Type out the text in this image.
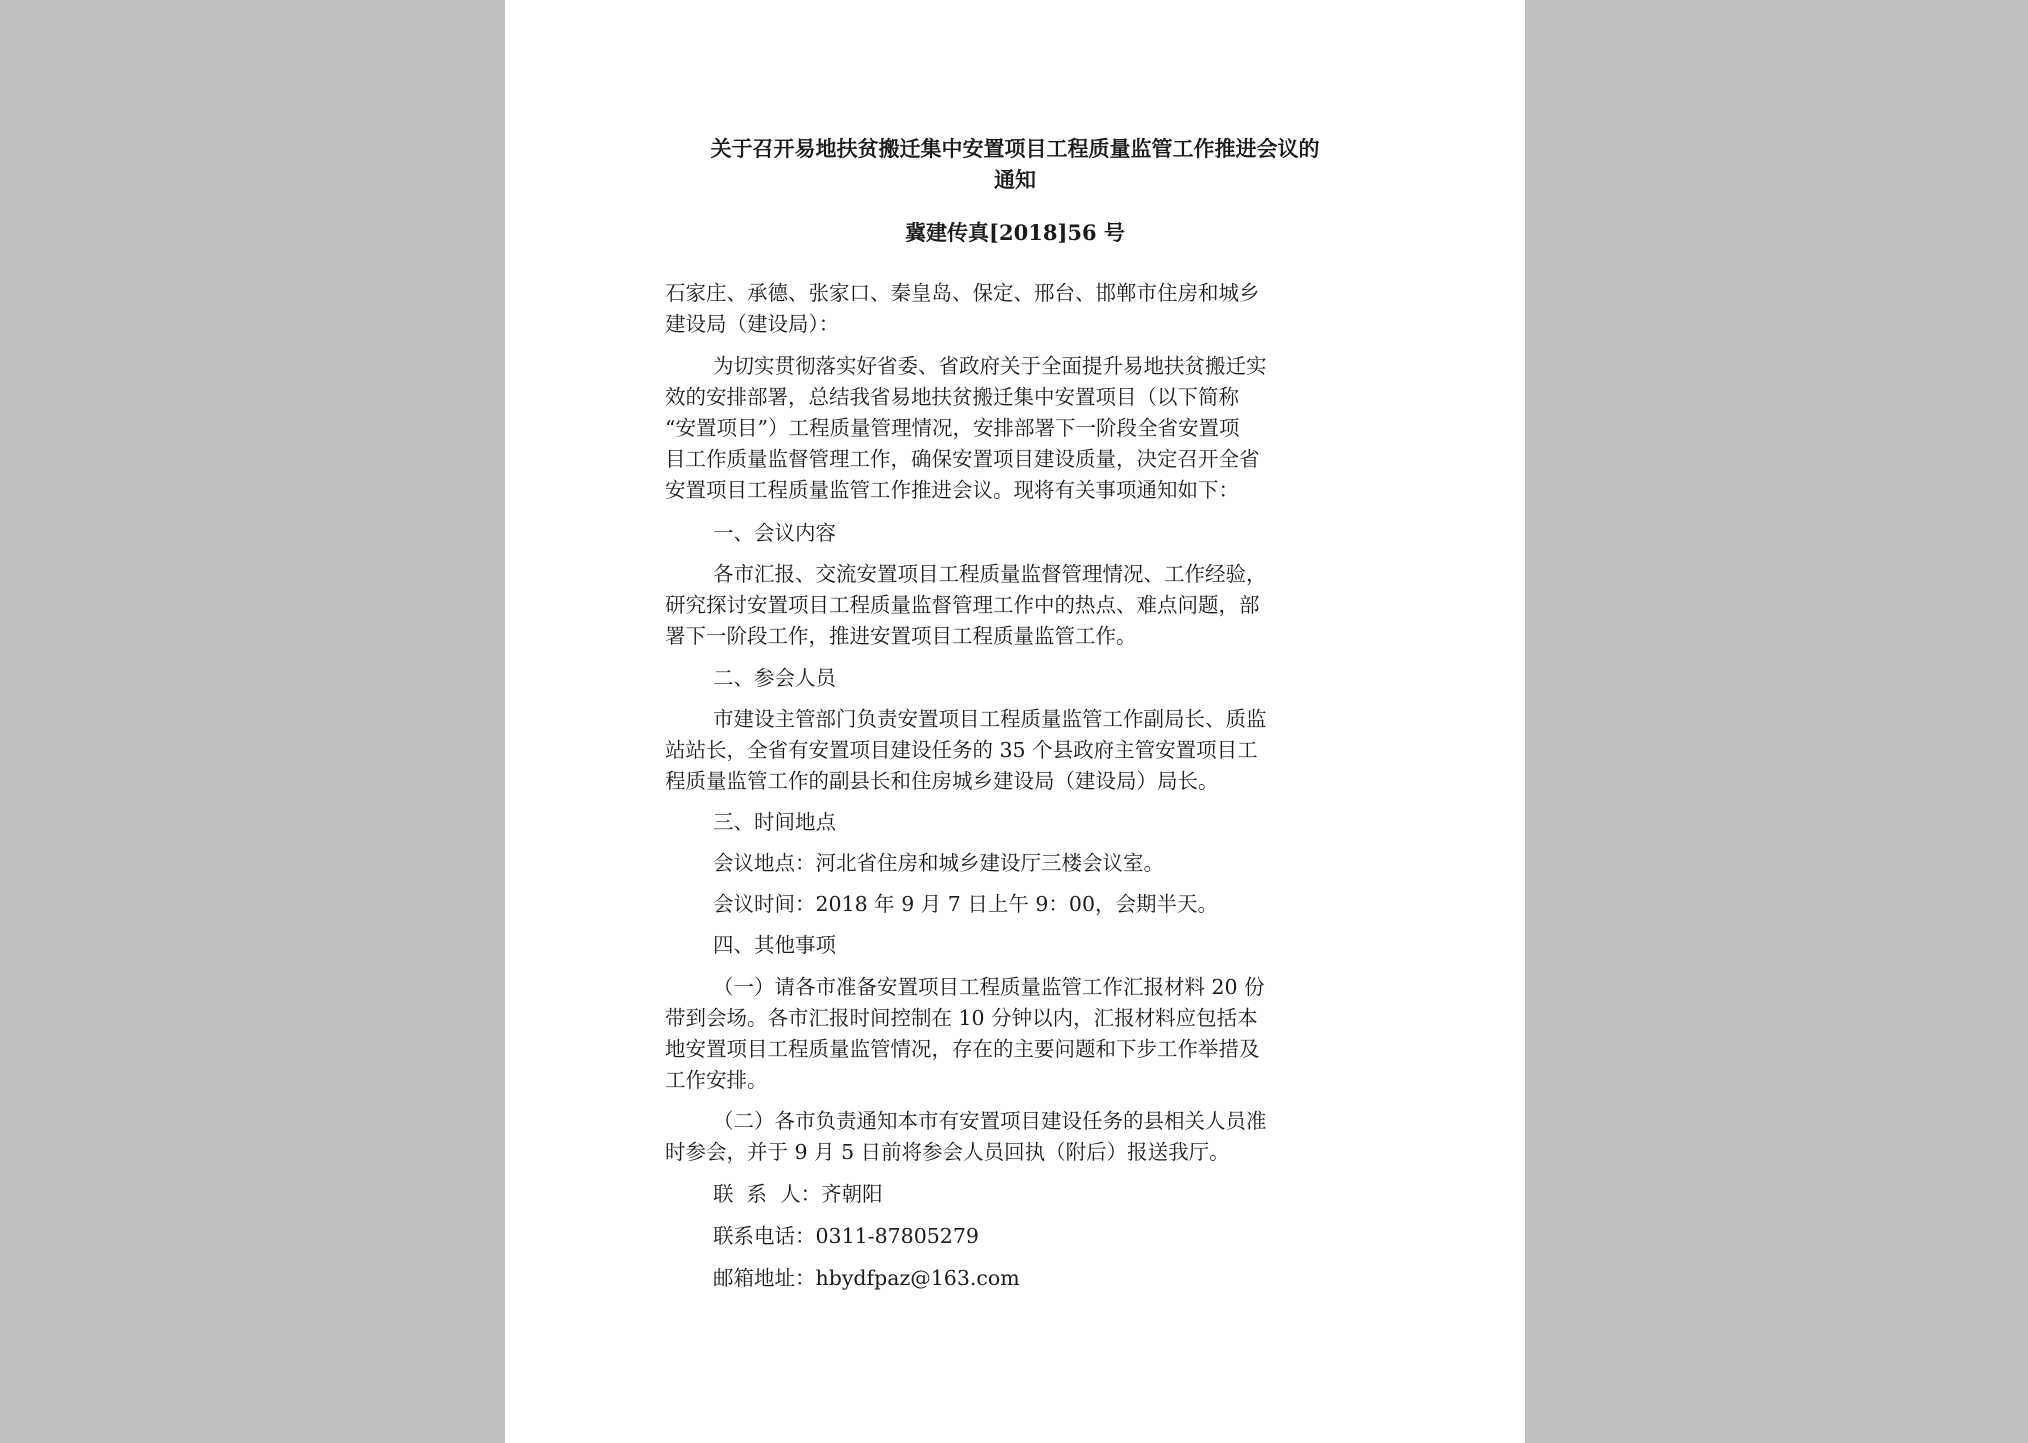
关于召开易地扶贫搬迁集中安置项目工程质量监管工作推进会议的
通知
冀建传真[2018]56 号
石家庄、承德、张家口、秦皇岛、保定、邢台、邯郸市住房和城乡
建设局（建设局）：
为切实贯彻落实好省委、省政府关于全面提升易地扶贫搬迁实
效的安排部署，总结我省易地扶贫搬迁集中安置项目（以下简称
“安置项目”）工程质量管理情况，安排部署下一阶段全省安置项
目工作质量监督管理工作，确保安置项目建设质量，决定召开全省
安置项目工程质量监管工作推进会议。现将有关事项通知如下：
一、会议内容
各市汇报、交流安置项目工程质量监督管理情况、工作经验，
研究探讨安置项目工程质量监督管理工作中的热点、难点问题，部
署下一阶段工作，推进安置项目工程质量监管工作。
二、参会人员
市建设主管部门负责安置项目工程质量监管工作副局长、质监
站站长，全省有安置项目建设任务的 35 个县政府主管安置项目工
程质量监管工作的副县长和住房城乡建设局（建设局）局长。
三、时间地点
会议地点：河北省住房和城乡建设厅三楼会议室。
会议时间：2018 年 9 月 7 日上午 9：00，会期半天。
四、其他事项
（一）请各市准备安置项目工程质量监管工作汇报材料 20 份
带到会场。各市汇报时间控制在 10 分钟以内，汇报材料应包括本
地安置项目工程质量监管情况，存在的主要问题和下步工作举措及
工作安排。
（二）各市负责通知本市有安置项目建设任务的县相关人员准
时参会，并于 9 月 5 日前将参会人员回执（附后）报送我厅。
联  系  人：齐朝阳
联系电话：0311-87805279
邮箱地址：hbydfpaz@163.com
